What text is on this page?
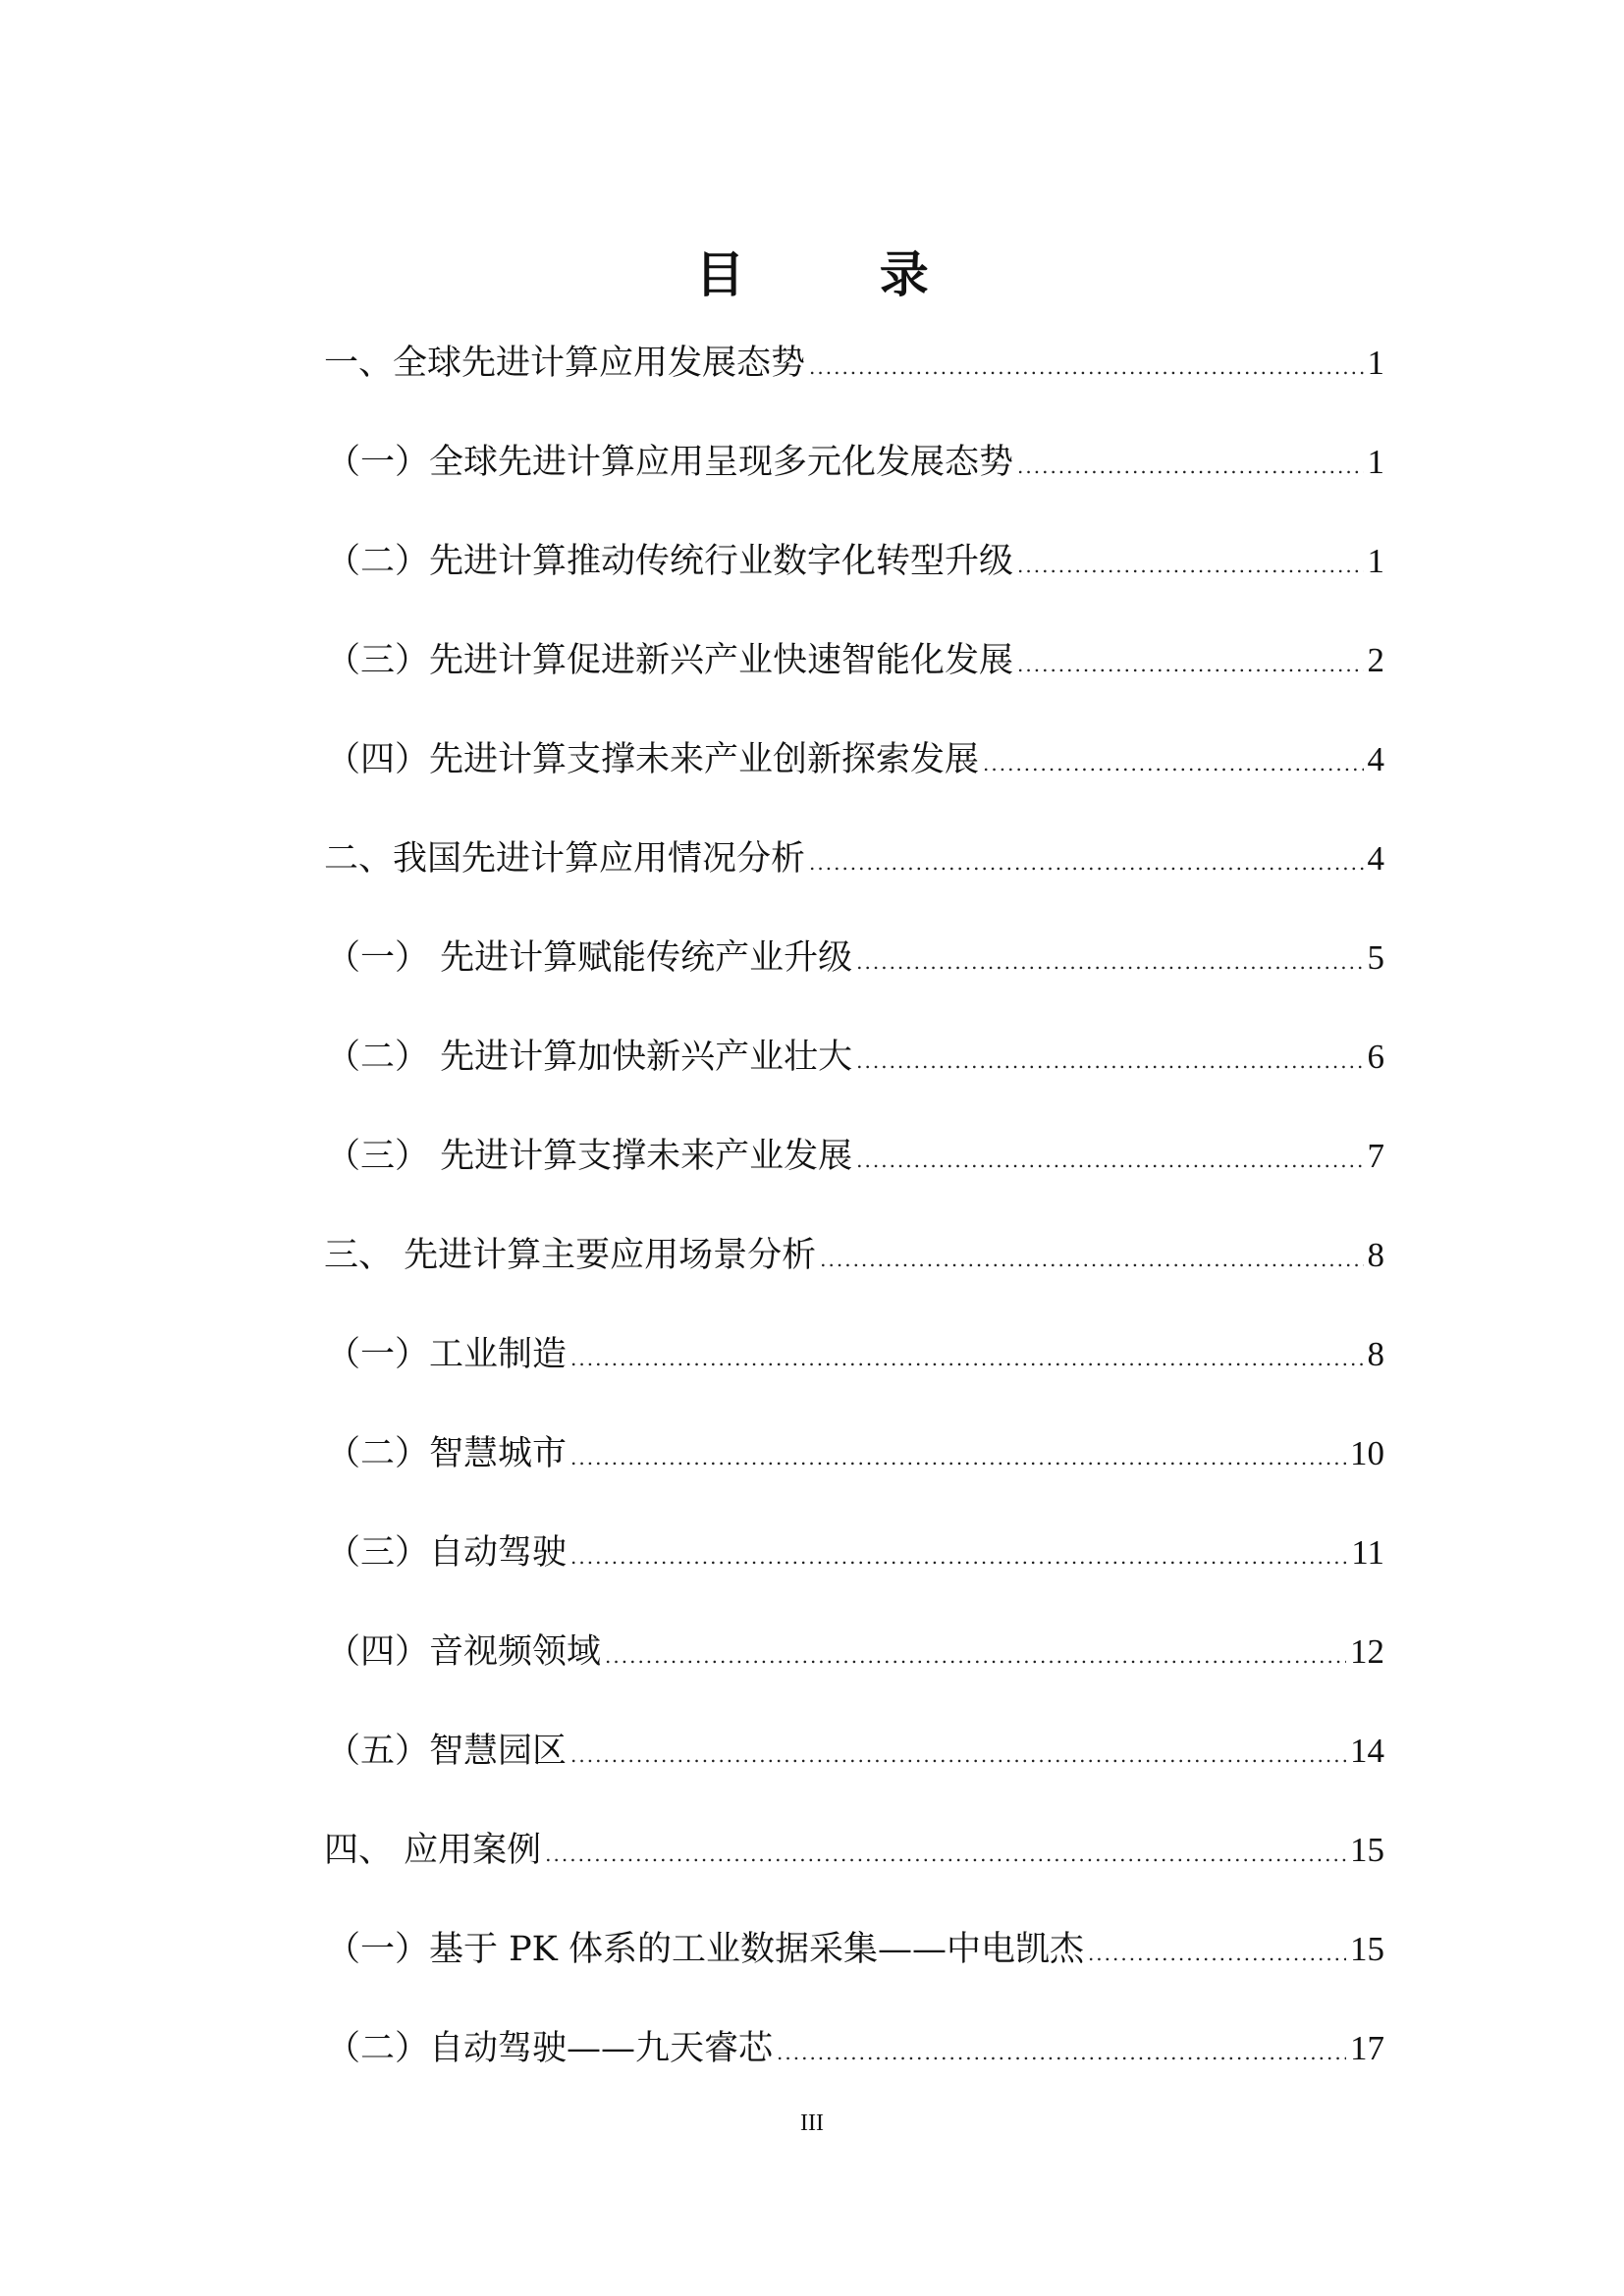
目 录
一、全球先进计算应用发展态势 .....	1
（一）全球先进计算应用呈现多元化发展态势 .....	1
（二）先进计算推动传统行业数字化转型升级 .....	1
（三）先进计算促进新兴产业快速智能化发展 .....	2
（四）先进计算支撑未来产业创新探索发展 .....	4
二、我国先进计算应用情况分析 .....	4
（一） 先进计算赋能传统产业升级 .....	5
（二） 先进计算加快新兴产业壮大 .....	6
（三） 先进计算支撑未来产业发展 .....	7
三、 先进计算主要应用场景分析 .....	8
（一）工业制造 .....	8
（二）智慧城市 .....	10
（三）自动驾驶 .....	11
（四）音视频领域 .....	12
（五）智慧园区 .....	14
四、 应用案例 .....	15
（一）基于 PK 体系的工业数据采集——中电凯杰 .....	15
（二）自动驾驶——九天睿芯 .....	17
III
